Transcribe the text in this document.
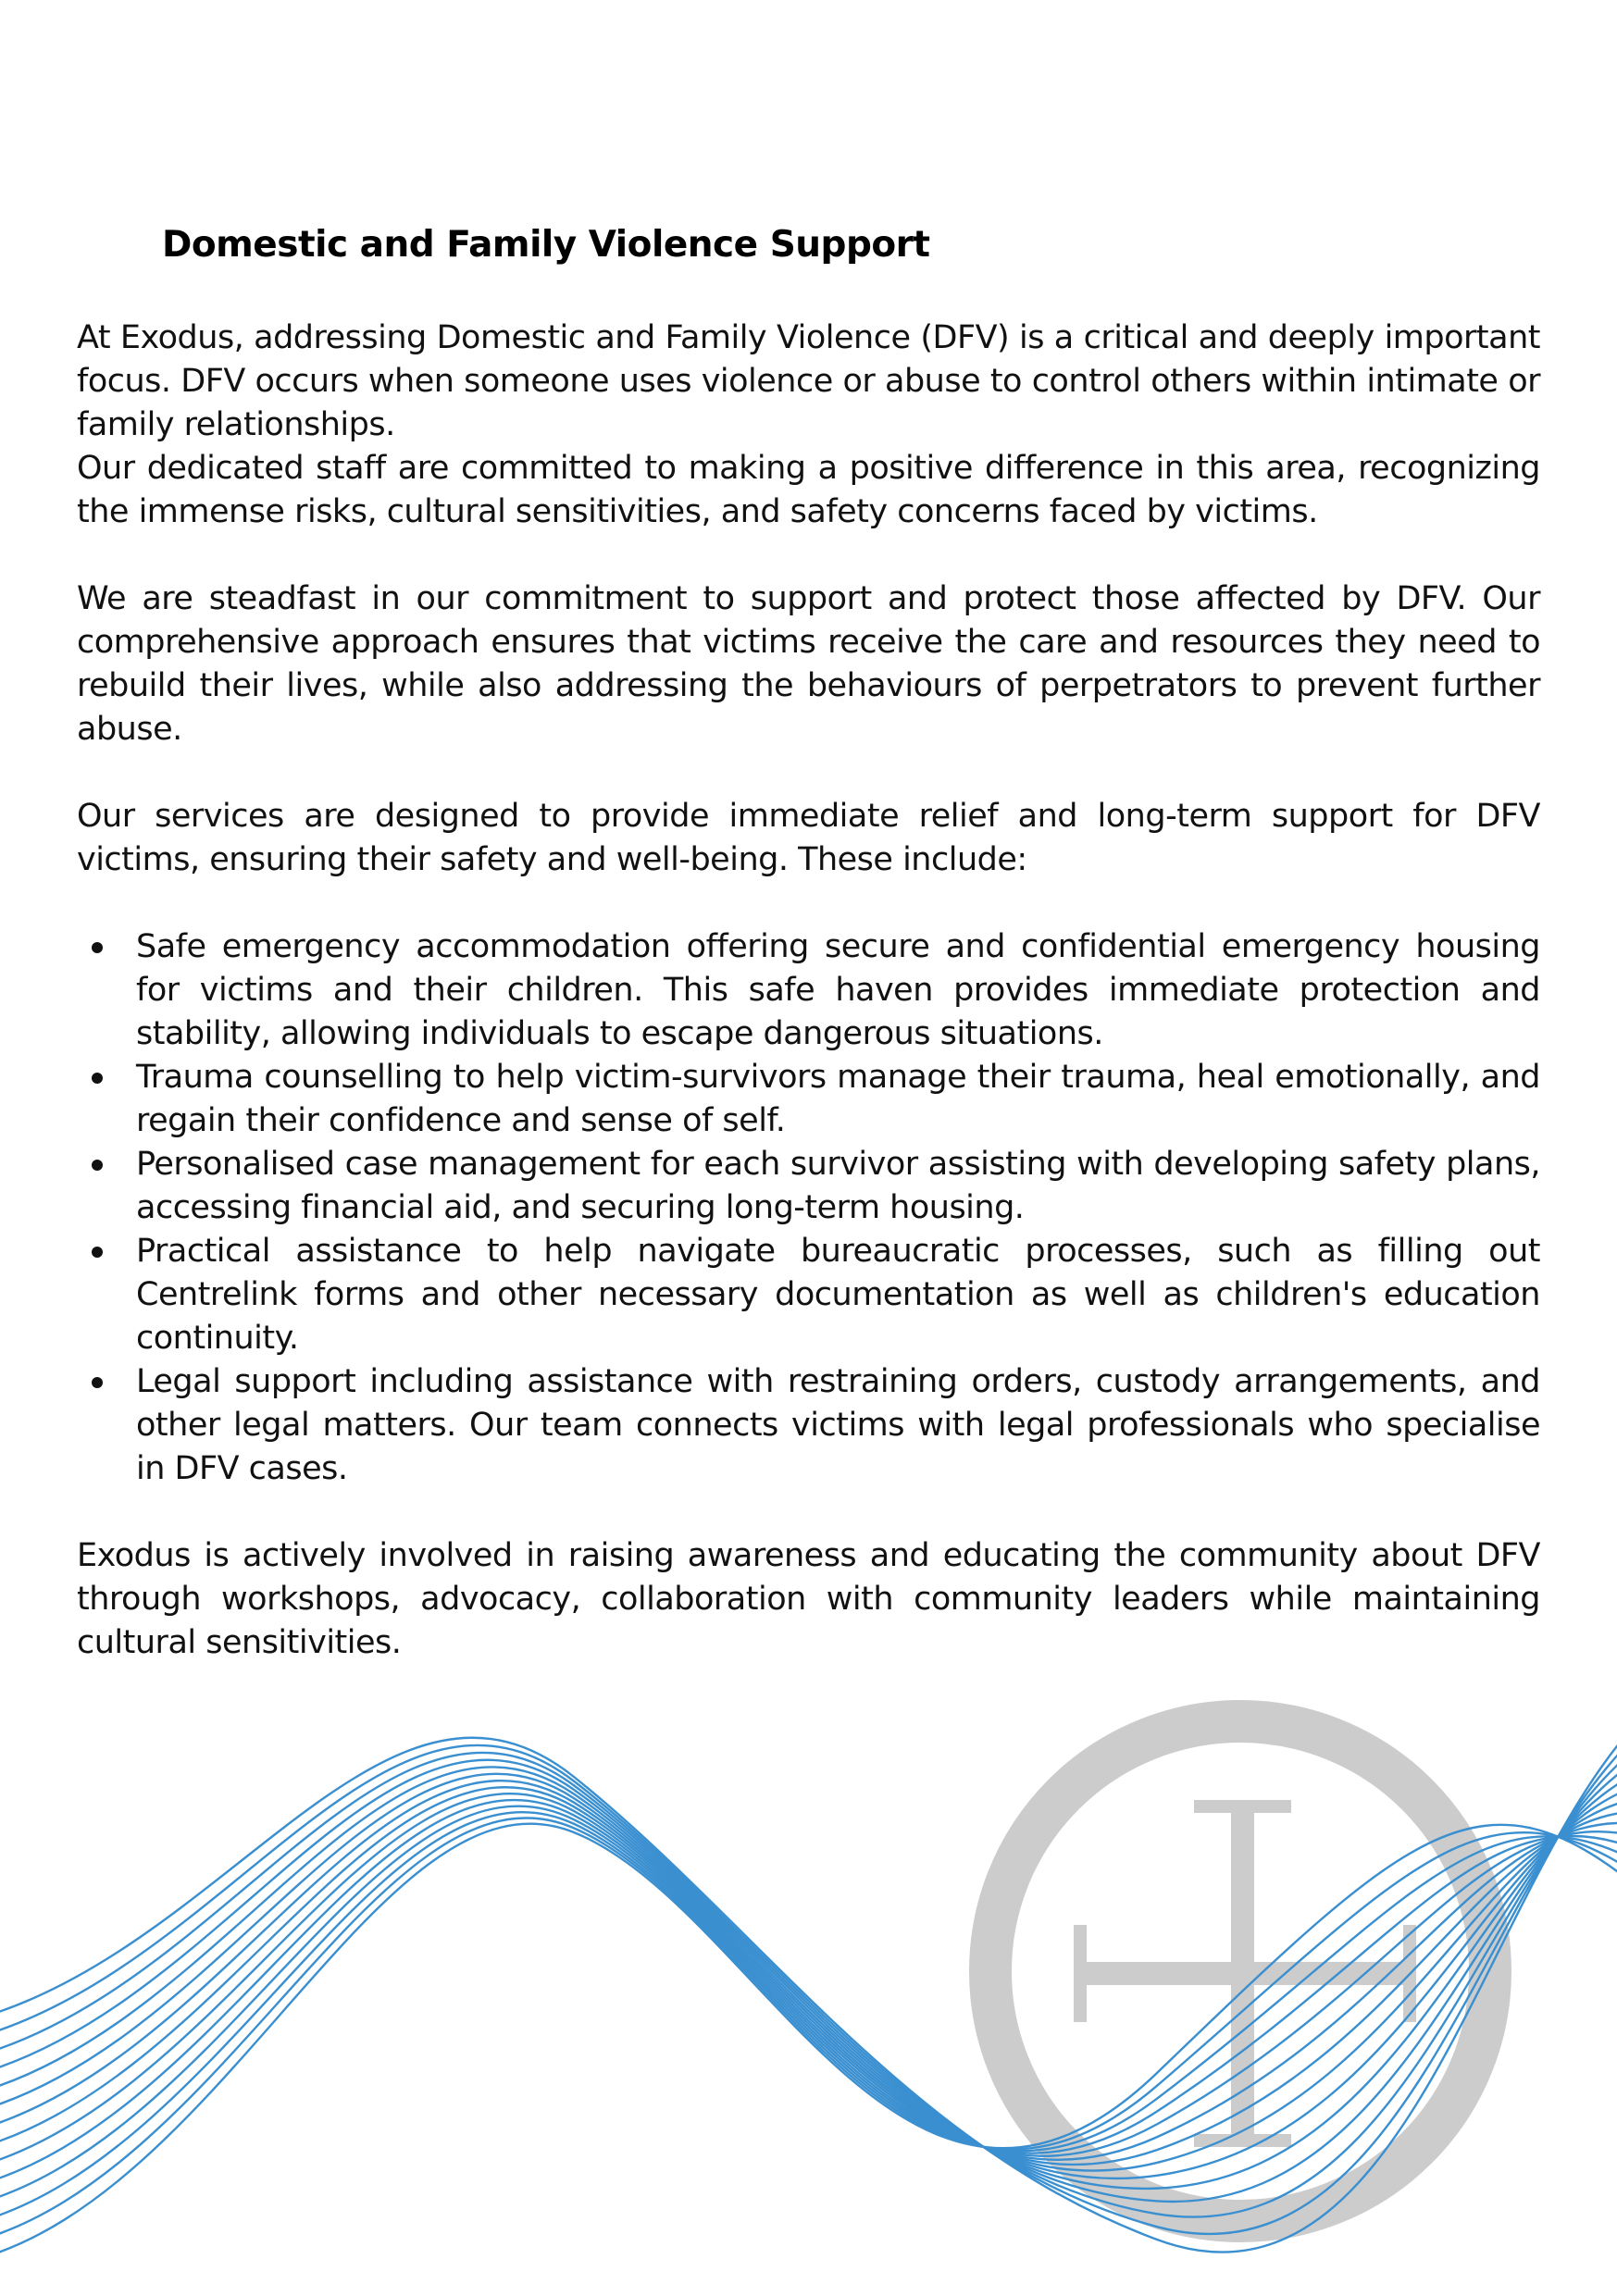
Domestic and Family Violence Support

At Exodus, addressing Domestic and Family Violence (DFV) is a critical and deeply important focus. DFV occurs when someone uses violence or abuse to control others within intimate or family relationships.

Our dedicated staff are committed to making a positive difference in this area, recognizing the immense risks, cultural sensitivities, and safety concerns faced by victims.

We are steadfast in our commitment to support and protect those affected by DFV. Our comprehensive approach ensures that victims receive the care and resources they need to rebuild their lives, while also addressing the behaviours of perpetrators to prevent further abuse.

Our services are designed to provide immediate relief and long-term support for DFV victims, ensuring their safety and well-being. These include:

Safe emergency accommodation offering secure and confidential emergency housing for victims and their children. This safe haven provides immediate protection and stability, allowing individuals to escape dangerous situations.
Trauma counselling to help victim-survivors manage their trauma, heal emotionally, and regain their confidence and sense of self.
Personalised case management for each survivor assisting with developing safety plans, accessing financial aid, and securing long-term housing.
Practical assistance to help navigate bureaucratic processes, such as filling out Centrelink forms and other necessary documentation as well as children's education continuity.
Legal support including assistance with restraining orders, custody arrangements, and other legal matters. Our team connects victims with legal professionals who specialise in DFV cases.

Exodus is actively involved in raising awareness and educating the community about DFV through workshops, advocacy, collaboration with community leaders while maintaining cultural sensitivities.
